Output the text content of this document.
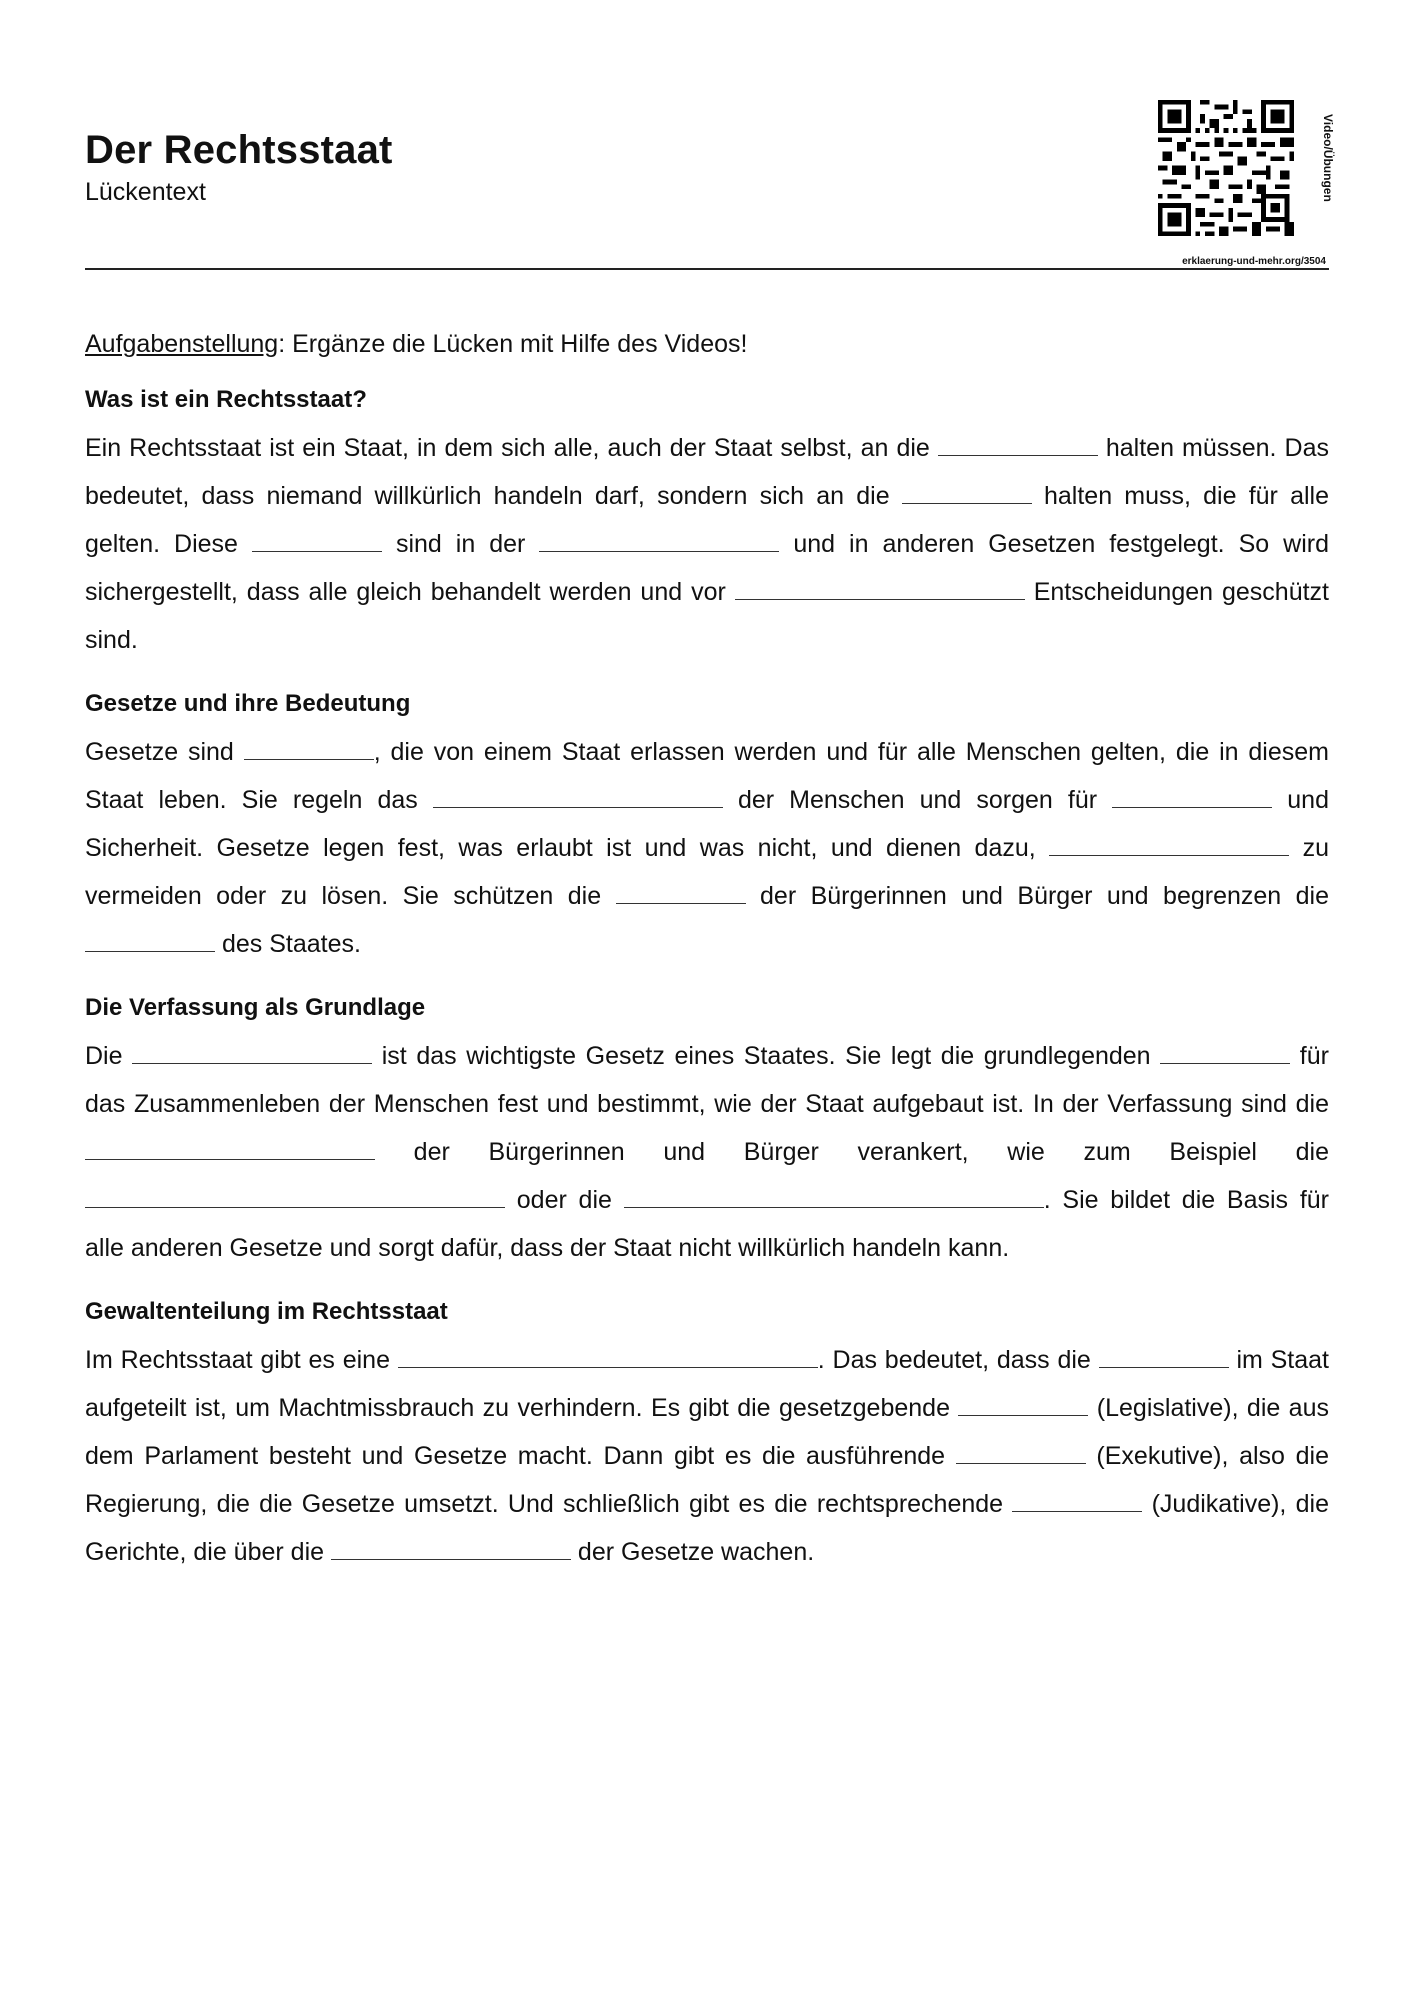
Der Rechtsstaat
Lückentext	Video/Übungen
erklaerung-und-mehr.org/3504

Aufgabenstellung: Ergänze die Lücken mit Hilfe des Videos!

Was ist ein Rechtsstaat?

Ein Rechtsstaat ist ein Staat, in dem sich alle, auch der Staat selbst, an die	halten müssen. Das bedeutet, dass niemand willkürlich handeln darf, sondern sich an die	halten muss, die für alle gelten. Diese	sind in der	und in anderen Gesetzen festgelegt. So wird sichergestellt, dass alle gleich behandelt werden und vor	Entscheidungen geschützt sind.

Gesetze und ihre Bedeutung

Gesetze sind	, die von einem Staat erlassen werden und für alle Menschen gelten, die in diesem Staat leben. Sie regeln das	der Menschen und sorgen für	und Sicherheit. Gesetze legen fest, was erlaubt ist und was nicht, und dienen dazu,	zu vermeiden oder zu lösen. Sie schützen die	der Bürgerinnen und Bürger und begrenzen die  des Staates.

Die Verfassung als Grundlage

Die	ist das wichtigste Gesetz eines Staates. Sie legt die grundlegenden	für das Zusammenleben der Menschen fest und bestimmt, wie der Staat aufgebaut ist. In der Verfassung sind die  der Bürgerinnen und Bürger verankert, wie zum Beispiel die  oder die	. Sie bildet die Basis für alle anderen Gesetze und sorgt dafür, dass der Staat nicht willkürlich handeln kann.

Gewaltenteilung im Rechtsstaat

Im Rechtsstaat gibt es eine	. Das bedeutet, dass die	im Staat aufgeteilt ist, um Machtmissbrauch zu verhindern. Es gibt die gesetzgebende	(Legislative), die aus dem Parlament besteht und Gesetze macht. Dann gibt es die ausführende	(Exekutive), also die Regierung, die die Gesetze umsetzt. Und schließlich gibt es die rechtsprechende	(Judikative), die Gerichte, die über die	der Gesetze wachen.
